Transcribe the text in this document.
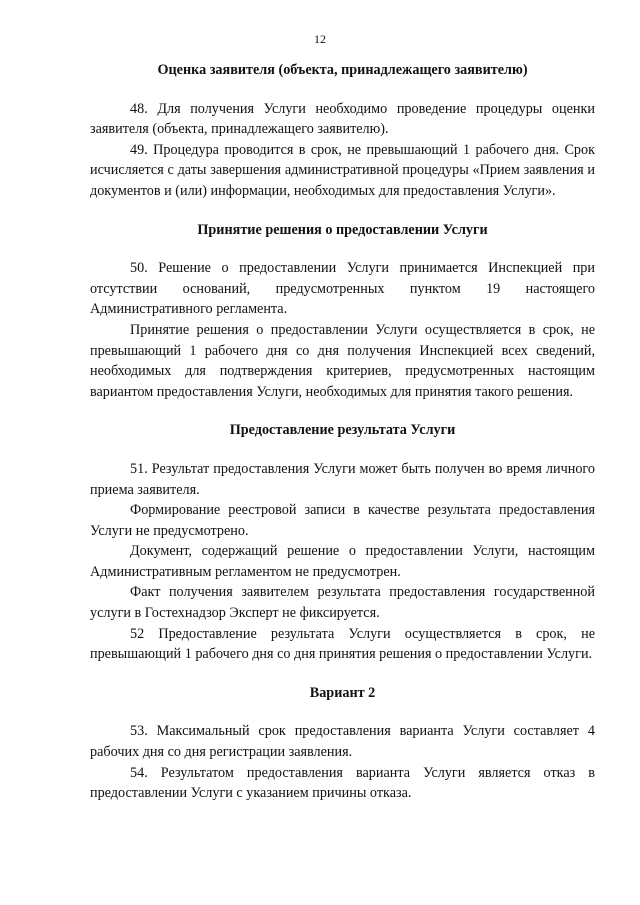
12
Оценка заявителя (объекта, принадлежащего заявителю)

48. Для получения Услуги необходимо проведение процедуры оценки заявителя (объекта, принадлежащего заявителю).

49. Процедура проводится в срок, не превышающий 1 рабочего дня. Срок исчисляется с даты завершения административной процедуры «Прием заявления и документов и (или) информации, необходимых для предоставления Услуги».

Принятие решения о предоставлении Услуги

50. Решение о предоставлении Услуги принимается Инспекцией при отсутствии оснований, предусмотренных пунктом 19 настоящего Административного регламента.

Принятие решения о предоставлении Услуги осуществляется в срок, не превышающий 1 рабочего дня со дня получения Инспекцией всех сведений, необходимых для подтверждения критериев, предусмотренных настоящим вариантом предоставления Услуги, необходимых для принятия такого решения.

Предоставление результата Услуги

51. Результат предоставления Услуги может быть получен во время личного приема заявителя.

Формирование реестровой записи в качестве результата предоставления Услуги не предусмотрено.

Документ, содержащий решение о предоставлении Услуги, настоящим Административным регламентом не предусмотрен.

Факт получения заявителем результата предоставления государственной услуги в Гостехнадзор Эксперт не фиксируется.

52 Предоставление результата Услуги осуществляется в срок, не превышающий 1 рабочего дня со дня принятия решения о предоставлении Услуги.

Вариант 2

53. Максимальный срок предоставления варианта Услуги составляет 4 рабочих дня со дня регистрации заявления.

54. Результатом предоставления варианта Услуги является отказ в предоставлении Услуги с указанием причины отказа.
